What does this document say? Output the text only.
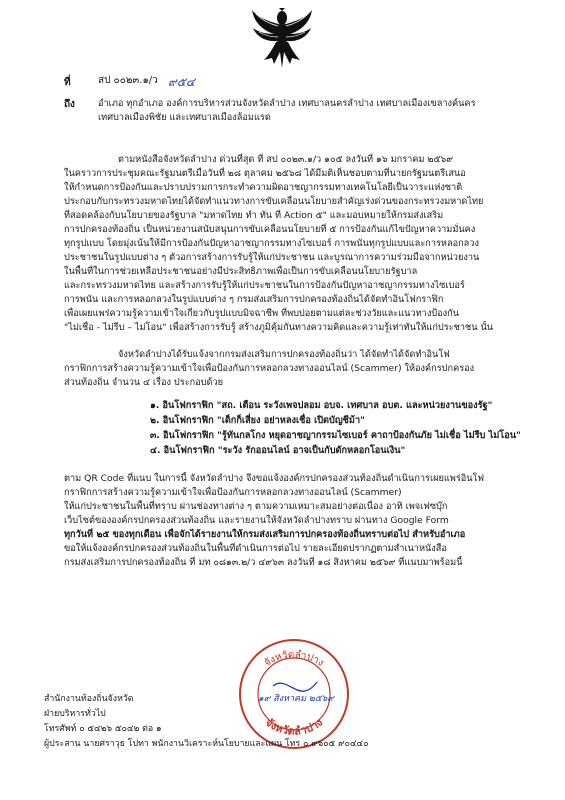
ที่	สป ๐๐๒๓.๑/ว ๙๕๔
ถึง	อำเภอ ทุกอำเภอ องค์การบริหารส่วนจังหวัดลำปาง เทศบาลนครลำปาง เทศบาลเมืองเขลางค์นคร
เทศบาลเมืองพิชัย และเทศบาลเมืองล้อมแรด
ตามหนังสือจังหวัดลำปาง ด่วนที่สุด ที่ สป ๐๐๒๓.๑/ว ๑๐๕ ลงวันที่ ๑๖ มกราคม ๒๕๖๙
ในคราวการประชุมคณะรัฐมนตรีเมื่อวันที่ ๒๘ ตุลาคม ๒๕๖๘ ได้มีมติเห็นชอบตามที่นายกรัฐมนตรีเสนอ
ให้กำหนดการป้องกันและปราบปรามการกระทำความผิดอาชญากรรมทางเทคโนโลยีเป็นวาระแห่งชาติ
ประกอบกับกระทรวงมหาดไทยได้จัดทำแนวทางการขับเคลื่อนนโยบายสำคัญเร่งด่วนของกระทรวงมหาดไทย
ที่สอดคล้องกับนโยบายของรัฐบาล "มหาดไทย ทำ ทัน ที่ Action ๕" และมอบหมายให้กรมส่งเสริม
การปกครองท้องถิ่น เป็นหน่วยงานสนับสนุนการขับเคลื่อนนโยบายที่ ๕ การป้องกันแก้ไขปัญหาความมั่นคง
ทุกรูปแบบ โดยมุ่งเน้นให้มีการป้องกันปัญหาอาชญากรรมทางไซเบอร์ การพนันทุกรูปแบบและการหลอกลวง
ประชาชนในรูปแบบต่าง ๆ ตัวอการสร้างการรับรู้ให้แก่ประชาชน และบูรณาการความร่วมมือจากหน่วยงาน
ในพื้นที่ในการช่วยเหลือประชาชนอย่างมีประสิทธิภาพเพื่อเป็นการขับเคลื่อนนโยบายรัฐบาล
และกระทรวงมหาดไทย และสร้างการรับรู้ให้แก่ประชาชนในการป้องกันปัญหาอาชญากรรมทางไซเบอร์
การพนัน และการหลอกลวงในรูปแบบต่าง ๆ กรมส่งเสริมการปกครองท้องถิ่นได้จัดทำอินโฟกราฟิก
เพื่อเผยแพร่ความรู้ความเข้าใจเกี่ยวกับรูปแบบมิจฉาชีพ ที่พบบ่อยตามแต่ละช่วงวัยและแนวทางป้องกัน
"ไม่เชื่อ - ไม่รีบ – ไม่โอน" เพื่อสร้างการรับรู้ สร้างภูมิคุ้มกันทางความคิดและความรู้เท่าทันให้แก่ประชาชน นั้น
จังหวัดลำปางได้รับแจ้งจากกรมส่งเสริมการปกครองท้องถิ่นว่า ได้จัดทำได้จัดทำอินโฟ
กราฟิกการสร้างความรู้ความเข้าใจเพื่อป้องกันการหลอกลวงทางออนไลน์ (Scammer) ให้องค์กรปกครอง
ส่วนท้องถิ่น จำนวน ๔ เรื่อง ประกอบด้วย
๑. อินโฟกราฟิก "สถ. เตือน ระวังเพจปลอม อบจ. เทศบาล อบต. และหน่วยงานของรัฐ"
๒. อินโฟกราฟิก "เด็กก็เสี่ยง อย่าหลงเชื่อ เปิดบัญชีม้า"
๓. อินโฟกราฟิก "รู้ทันกลโกง หยุดอาชญากรรมไซเบอร์ คาถาป้องกันภัย ไม่เชื่อ ไม่รีบ ไม่โอน"
๔. อินโฟกราฟิก "ระวัง รักออนไลน์ อาจเป็นกับดักหลอกโอนเงิน"
ตาม QR Code ที่แนบ ในการนี้ จังหวัดลำปาง จึงขอแจ้งองค์กรปกครองส่วนท้องถิ่นดำเนินการเผยแพร่อินโฟ
กราฟิกการสร้างความรู้ความเข้าใจเพื่อป้องกันการหลอกลวงทางออนไลน์ (Scammer)
ให้แก่ประชาชนในพื้นที่ทราบ ผ่านช่องทางต่าง ๆ ตามความเหมาะสมอย่างต่อเนื่อง อาทิ เพจเฟซบุ๊ก
เว็บไซต์ขององค์กรปกครองส่วนท้องถิ่น และรายงานให้จังหวัดลำปางทราบ ผ่านทาง Google Form
ทุกวันที่ ๒๕ ของทุกเดือน เพื่อจักได้รายงานให้กรมส่งเสริมการปกครองท้องถิ่นทราบต่อไป สำหรับอำเภอ
ขอให้แจ้งองค์กรปกครองส่วนท้องถิ่นในพื้นที่ดำเนินการต่อไป รายละเอียดปรากฏตามสำเนาหนังสือ
กรมส่งเสริมการปกครองท้องถิ่น ที่ มท ๐๘๑๓.๒/ว ๔๙๖๓ ลงวันที่ ๑๘ สิงหาคม ๒๕๖๙ ที่แนบมาพร้อมนี้
จังหวัดลำปาง
จังหวัดลำปาง
๑๙ สิงหาคม ๒๕๖๙
สำนักงานท้องถิ่นจังหวัด
ฝ่ายบริหารทั่วไป
โทรศัพท์ ๐ ๕๔๒๖ ๕๐๔๒ ต่อ ๑
ผู้ประสาน นายศราวุธ โปทา พนักงานวิเคราะห์นโยบายและแผน โทร ๐ ๙๖๐๕ ๙๐๔๔๐
